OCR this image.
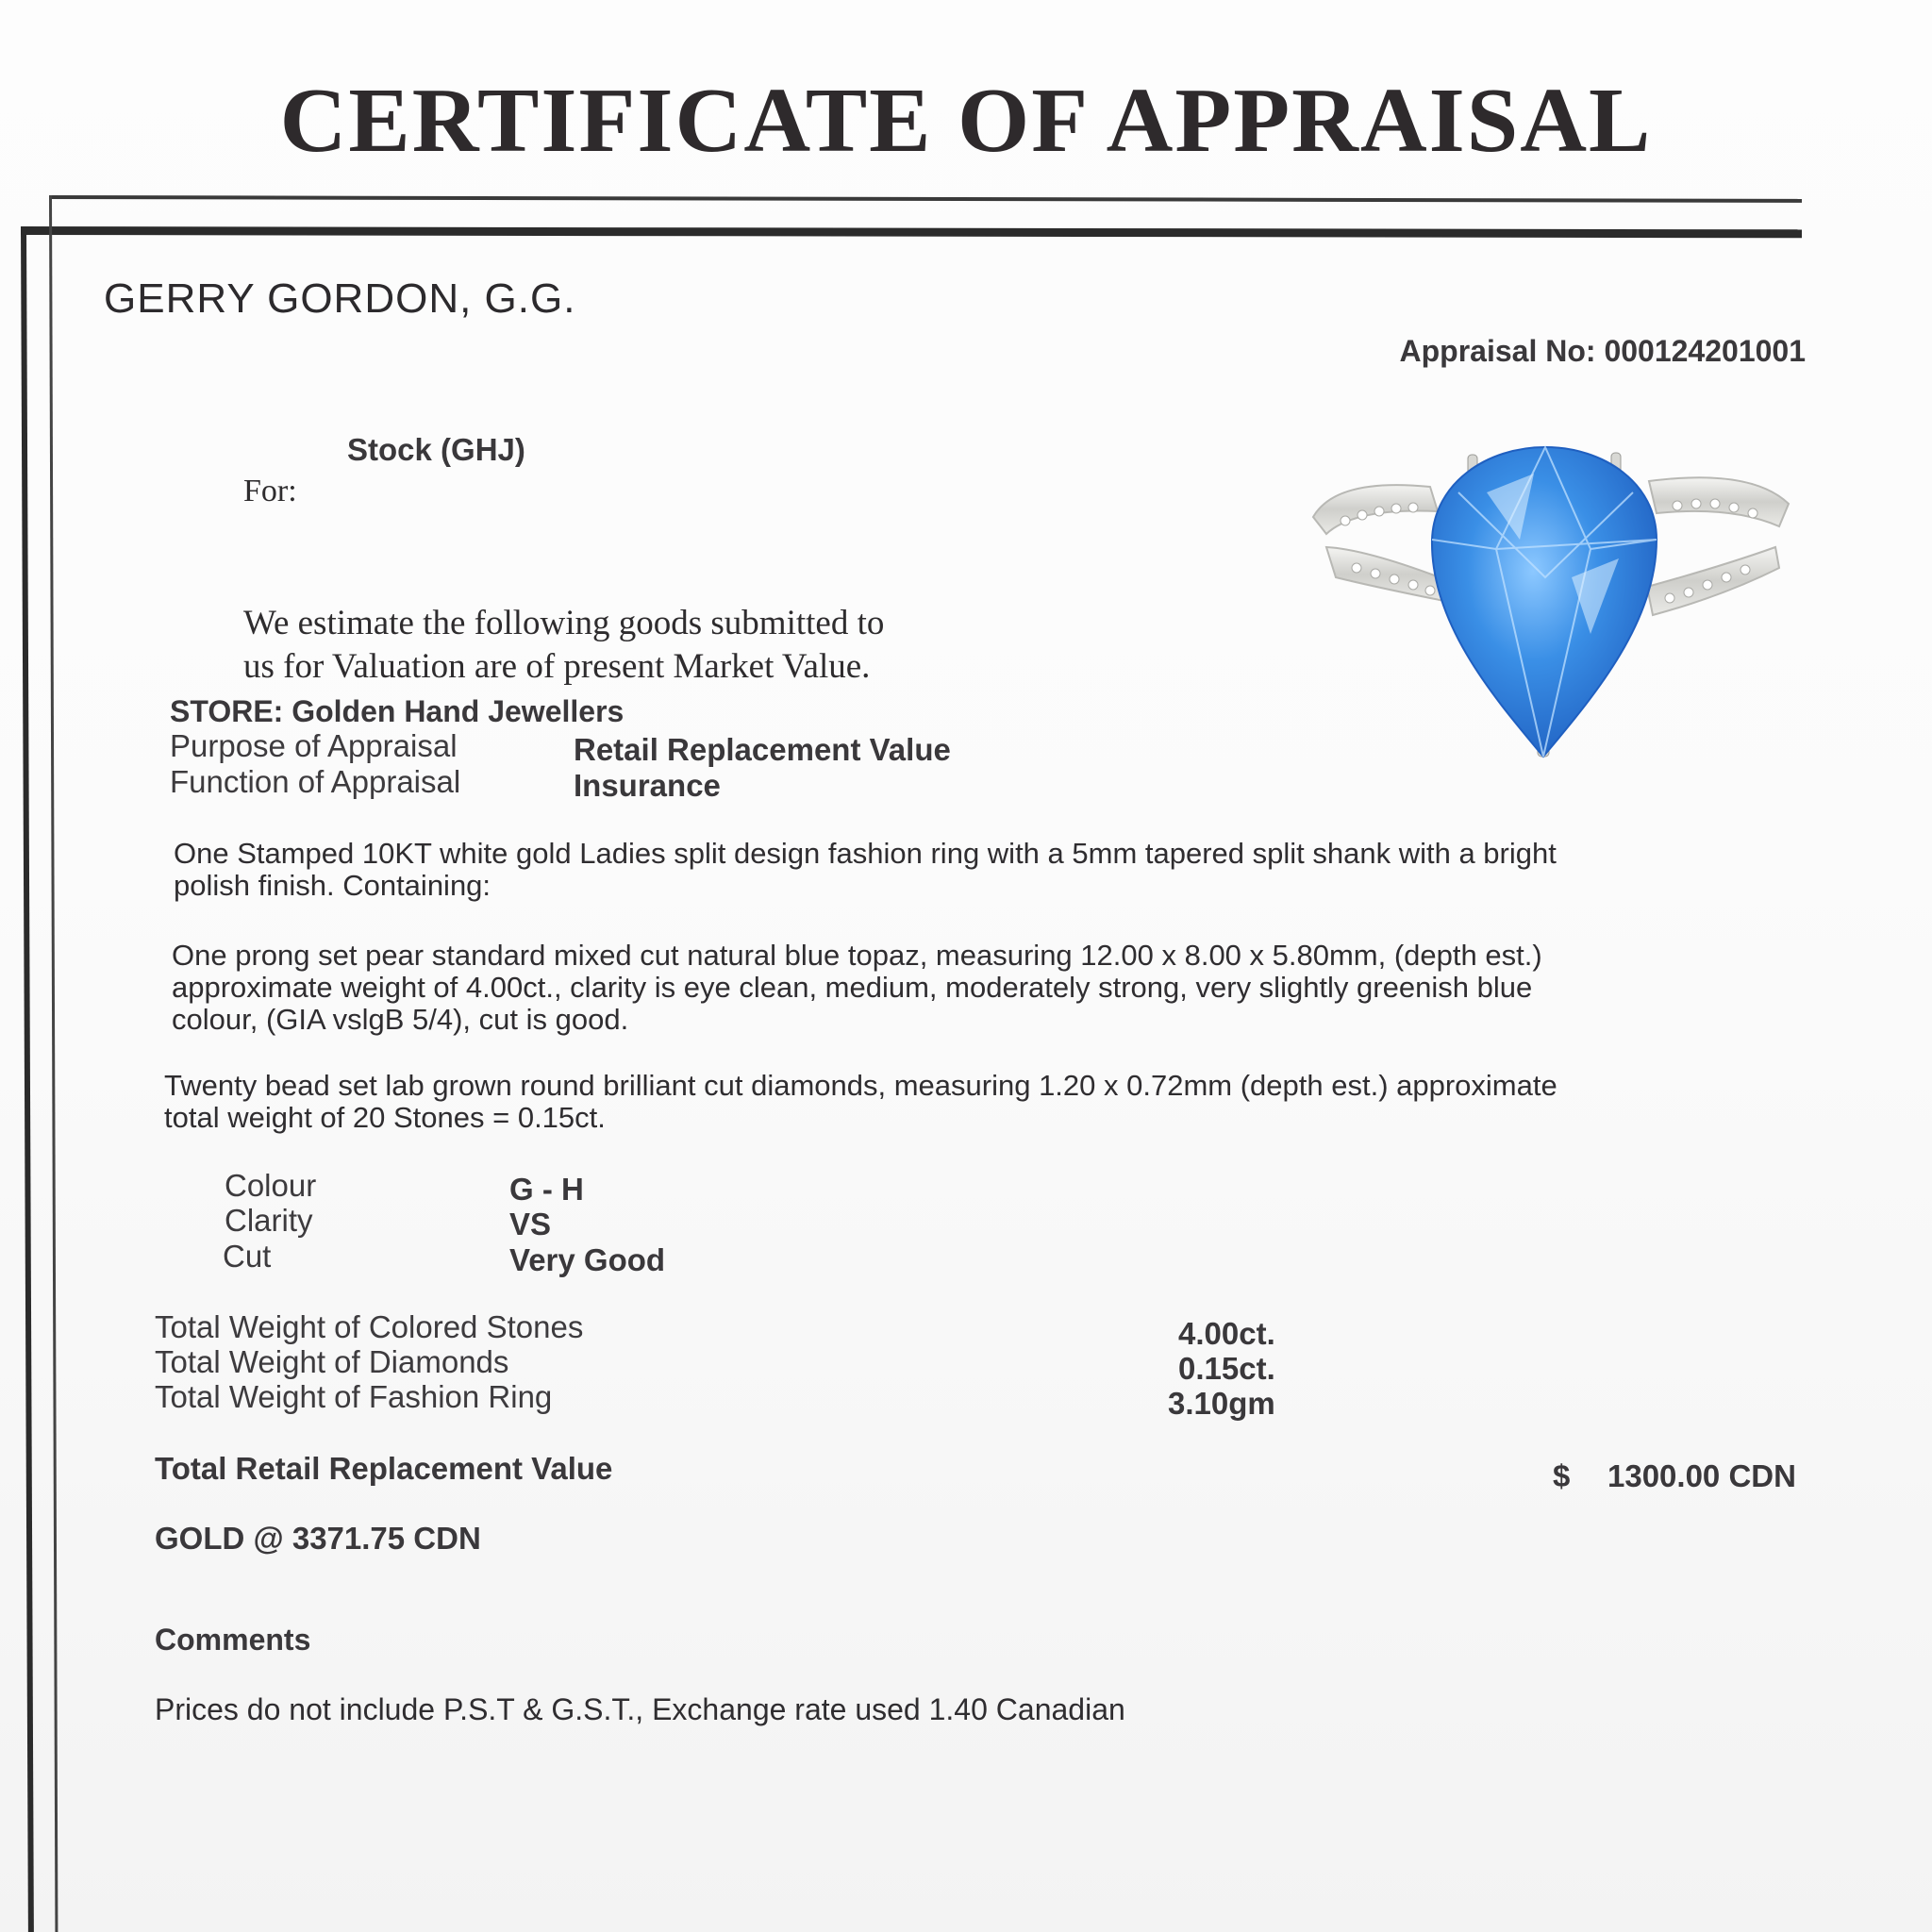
CERTIFICATE OF APPRAISAL
GERRY GORDON, G.G.
Appraisal No: 000124201001
Stock (GHJ)
For:
We estimate the following goods submitted to
us for Valuation are of present Market Value.
STORE: Golden Hand Jewellers
Purpose of Appraisal	Retail Replacement Value
Function of Appraisal	Insurance
One Stamped 10KT white gold Ladies split design fashion ring with a 5mm tapered split shank with a bright
polish finish. Containing:
One prong set pear standard mixed cut natural blue topaz, measuring 12.00 x 8.00 x 5.80mm, (depth est.)
approximate weight of 4.00ct., clarity is eye clean, medium, moderately strong, very slightly greenish blue
colour, (GIA vslgB 5/4), cut is good.
Twenty bead set lab grown round brilliant cut diamonds, measuring 1.20 x 0.72mm (depth est.) approximate
total weight of 20 Stones = 0.15ct.
Colour	G - H
Clarity	VS
Cut	Very Good
Total Weight of Colored Stones	4.00ct.
Total Weight of Diamonds	0.15ct.
Total Weight of Fashion Ring	3.10gm
Total Retail Replacement Value	$ 1300.00 CDN
GOLD @ 3371.75 CDN
Comments
Prices do not include P.S.T & G.S.T., Exchange rate used 1.40 Canadian
